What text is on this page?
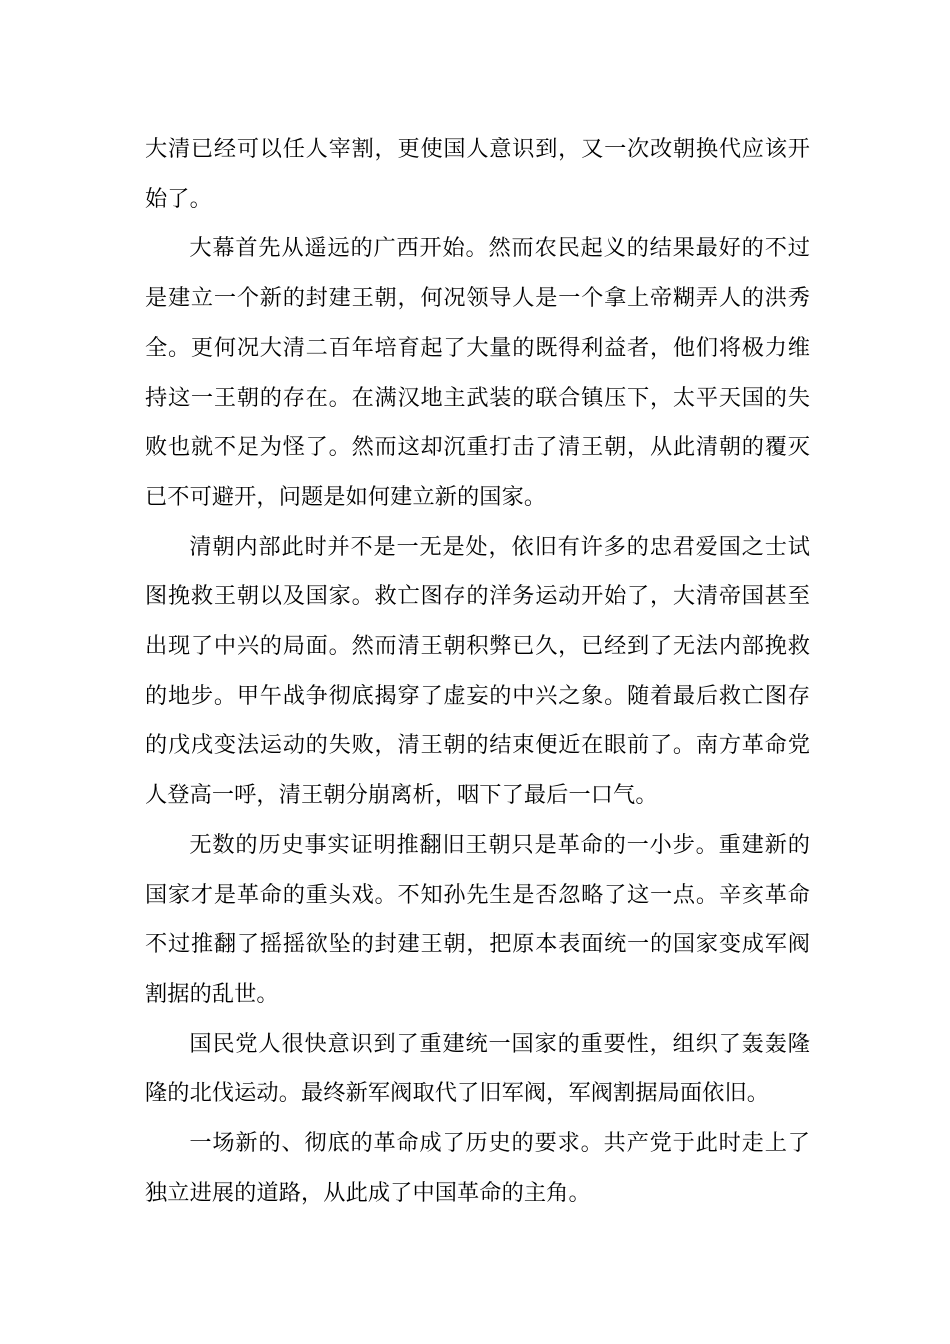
大清已经可以任人宰割，更使国人意识到，又一次改朝换代应该开始了。

大幕首先从遥远的广西开始。然而农民起义的结果最好的不过是建立一个新的封建王朝，何况领导人是一个拿上帝糊弄人的洪秀全。更何况大清二百年培育起了大量的既得利益者，他们将极力维持这一王朝的存在。在满汉地主武装的联合镇压下，太平天国的失败也就不足为怪了。然而这却沉重打击了清王朝，从此清朝的覆灭已不可避开，问题是如何建立新的国家。

清朝内部此时并不是一无是处，依旧有许多的忠君爱国之士试图挽救王朝以及国家。救亡图存的洋务运动开始了，大清帝国甚至出现了中兴的局面。然而清王朝积弊已久，已经到了无法内部挽救的地步。甲午战争彻底揭穿了虚妄的中兴之象。随着最后救亡图存的戊戌变法运动的失败，清王朝的结束便近在眼前了。南方革命党人登高一呼，清王朝分崩离析，咽下了最后一口气。

无数的历史事实证明推翻旧王朝只是革命的一小步。重建新的国家才是革命的重头戏。不知孙先生是否忽略了这一点。辛亥革命不过推翻了摇摇欲坠的封建王朝，把原本表面统一的国家变成军阀割据的乱世。

国民党人很快意识到了重建统一国家的重要性，组织了轰轰隆隆的北伐运动。最终新军阀取代了旧军阀，军阀割据局面依旧。

一场新的、彻底的革命成了历史的要求。共产党于此时走上了独立进展的道路，从此成了中国革命的主角。
